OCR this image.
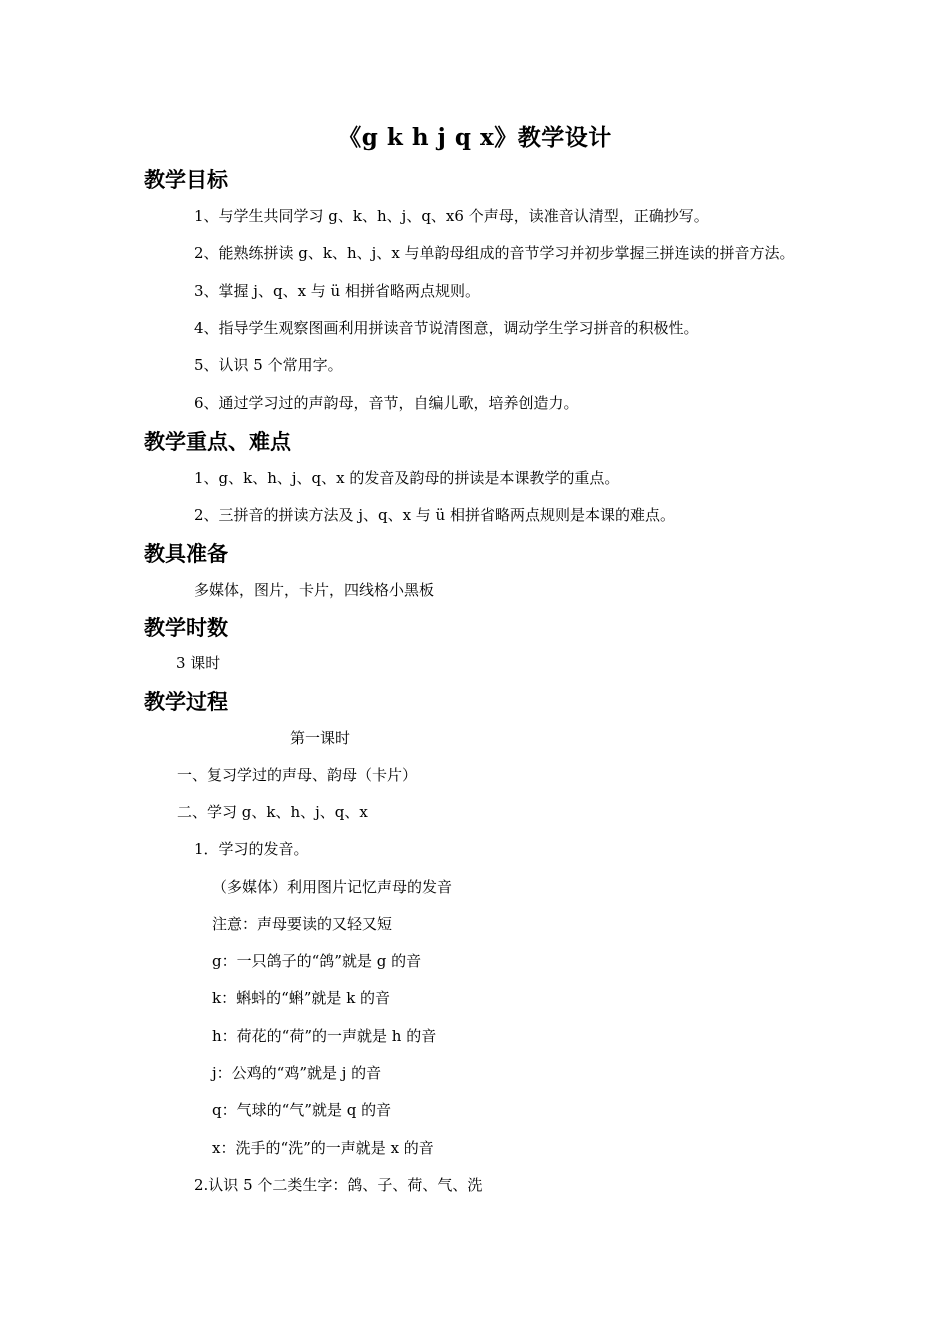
《g k h j q x》教学设计
教学目标
1、与学生共同学习 g、k、h、j、q、x6 个声母，读准音认清型，正确抄写。
2、能熟练拼读 g、k、h、j、x 与单韵母组成的音节学习并初步掌握三拼连读的拼音方法。
3、掌握 j、q、x 与 ü 相拼省略两点规则。
4、指导学生观察图画利用拼读音节说清图意，调动学生学习拼音的积极性。
5、认识 5 个常用字。
6、通过学习过的声韵母，音节，自编儿歌，培养创造力。
教学重点、难点
1、g、k、h、j、q、x 的发音及韵母的拼读是本课教学的重点。
2、三拼音的拼读方法及 j、q、x 与 ü 相拼省略两点规则是本课的难点。
教具准备
多媒体，图片，卡片，四线格小黑板
教学时数
3 课时
教学过程
第一课时
一、复习学过的声母、韵母（卡片）
二、学习 g、k、h、j、q、x
1．学习的发音。
（多媒体）利用图片记忆声母的发音
注意：声母要读的又轻又短
g：一只鸽子的“鸽”就是 g 的音
k：蝌蚪的“蝌”就是 k 的音
h：荷花的“荷”的一声就是 h 的音
j：公鸡的“鸡”就是 j 的音
q：气球的“气”就是 q 的音
x：洗手的“洗”的一声就是 x 的音
2.认识 5 个二类生字：鸽、子、荷、气、洗
